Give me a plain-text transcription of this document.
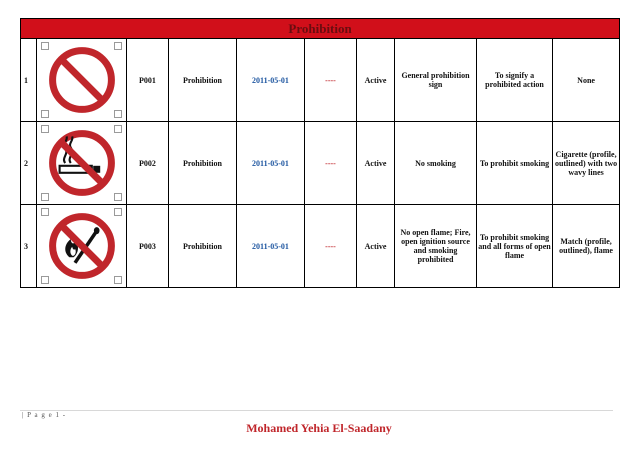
Prohibition									
1		P001	Prohibition	2011-05-01	----	Active	General prohibition sign	To signify a prohibited action	None
2		P002	Prohibition	2011-05-01	----	Active	No smoking	To prohibit smoking	Cigarette (profile, outlined) with two wavy lines
3		P003	Prohibition	2011-05-01	----	Active	No open flame; Fire, open ignition source and smoking prohibited	To prohibit smoking and all forms of open flame	Match (profile, outlined), flame
| P a g e 1 -
Mohamed Yehia El-Saadany
